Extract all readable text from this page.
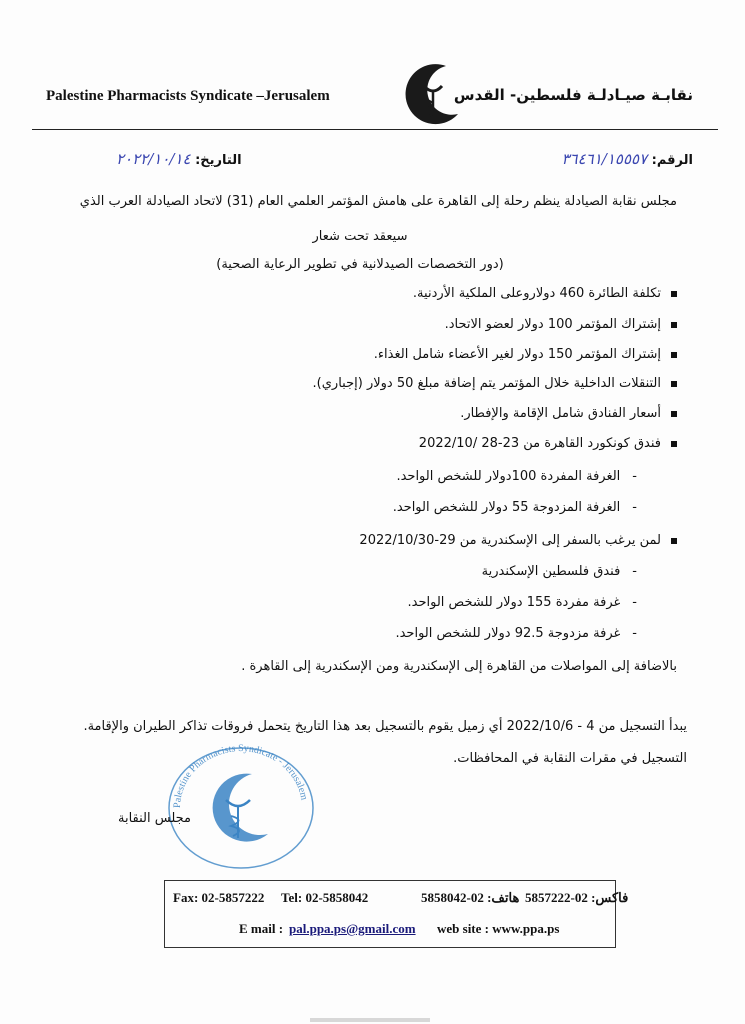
Palestine Pharmacists Syndicate –Jerusalem	نقابـة صيـادلـة فلسطين- القدس
الرقم: ٣٦٤٦١/١٥٥٥٧
التاريخ: ٢٠٢٢/١٠/١٤
مجلس نقابة الصيادلة ينظم رحلة إلى القاهرة على هامش المؤتمر العلمي العام (31) لاتحاد الصيادلة العرب الذي
سيعقد تحت شعار
(دور التخصصات الصيدلانية في تطوير الرعاية الصحية)
تكلفة الطائرة 460 دولاروعلى الملكية الأردنية.
إشتراك المؤتمر 100 دولار لعضو الاتحاد.
إشتراك المؤتمر 150 دولار لغير الأعضاء شامل الغذاء.
التنقلات الداخلية خلال المؤتمر يتم إضافة مبلغ 50 دولار (إجباري).
أسعار الفنادق شامل الإقامة والإفطار.
فندق كونكورد القاهرة من 23-28 /2022/10
-الغرفة المفردة 100دولار للشخص الواحد.
-الغرفة المزدوجة 55 دولار للشخص الواحد.
لمن يرغب بالسفر إلى الإسكندرية من 29-2022/10/30
-فندق فلسطين الإسكندرية
-غرفة مفردة 155 دولار للشخص الواحد.
-غرفة مزدوجة 92.5 دولار للشخص الواحد.
بالاضافة إلى المواصلات من القاهرة إلى الإسكندرية ومن الإسكندرية إلى القاهرة .
يبدأ التسجيل من 4 - 2022/10/6 أي زميل يقوم بالتسجيل بعد هذا التاريخ يتحمل فروقات تذاكر الطيران والإقامة.
التسجيل في مقرات النقابة في المحافظات.
Palestine Pharmacists Syndicate - Jerusalem
مجلس النقابة
Fax: 02-5857222 Tel: 02-5858042	هاتف: 02-5858042 فاكس: 02-5857222
E mail : pal.ppa.ps@gmail.com web site : www.ppa.ps
